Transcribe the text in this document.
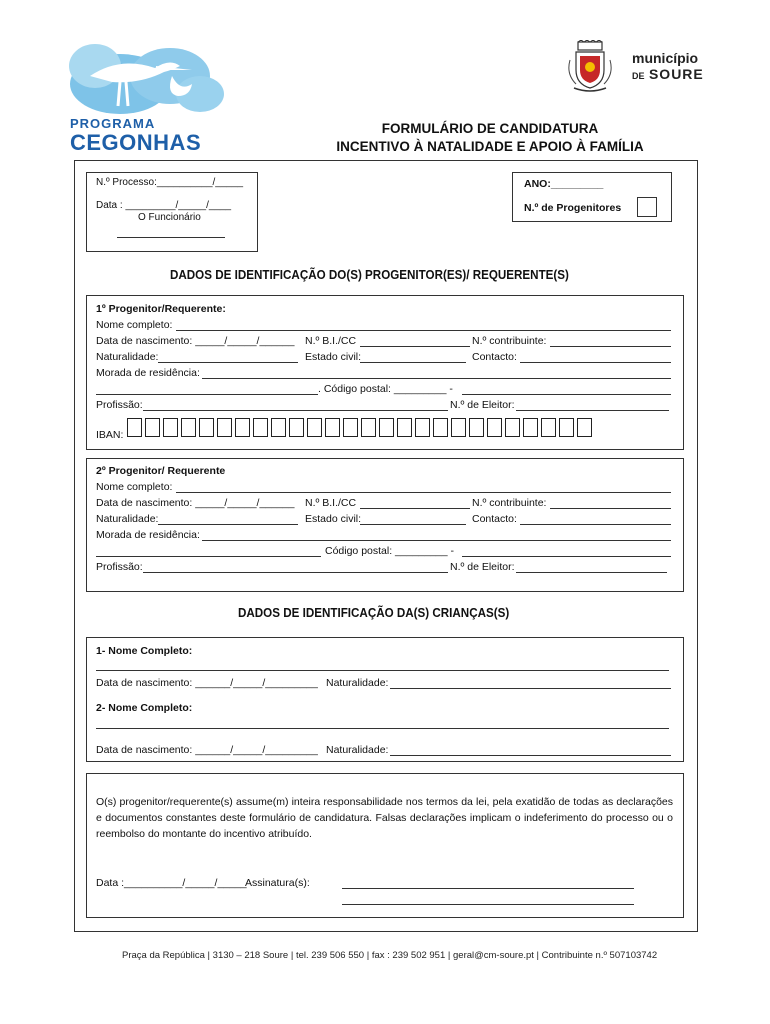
PROGRAMA
CEGONHAS
município
DE SOURE
FORMULÁRIO DE CANDIDATURA
INCENTIVO À NATALIDADE E APOIO À FAMÍLIA
N.º Processo:__________/_____
Data : _________/_____/____
O Funcionário
ANO:_________
N.º de Progenitores
DADOS DE IDENTIFICAÇÃO DO(S) PROGENITOR(ES)/ REQUERENTE(S)
1º Progenitor/Requerente:
Nome completo:
Data de nascimento: _____/_____/______ N.º B.I./CC	N.º contribuinte:
Naturalidade:	Estado civil:	Contacto:
Morada de residência:
. Código postal: _________ -
Profissão:	N.º de Eleitor:
IBAN:
2º Progenitor/ Requerente
Nome completo:
Data de nascimento: _____/_____/______ N.º B.I./CC	N.º contribuinte:
Naturalidade:	Estado civil:	Contacto:
Morada de residência:
Código postal: _________ -
Profissão:	N.º de Eleitor:
DADOS DE IDENTIFICAÇÃO DA(S) CRIANÇAS(S)
1- Nome Completo:
Data de nascimento: ______/_____/_________ Naturalidade:
2- Nome Completo:
Data de nascimento: ______/_____/_________ Naturalidade:
O(s) progenitor/requerente(s) assume(m) inteira responsabilidade nos termos da lei, pela exatidão de todas as declarações e documentos constantes deste formulário de candidatura. Falsas declarações implicam o indeferimento do processo ou o reembolso do montante do incentivo atribuído.
Data :__________/_____/_____
Assinatura(s):
Praça da República | 3130 – 218 Soure | tel. 239 506 550 | fax : 239 502 951 | geral@cm-soure.pt | Contribuinte n.º 507103742
